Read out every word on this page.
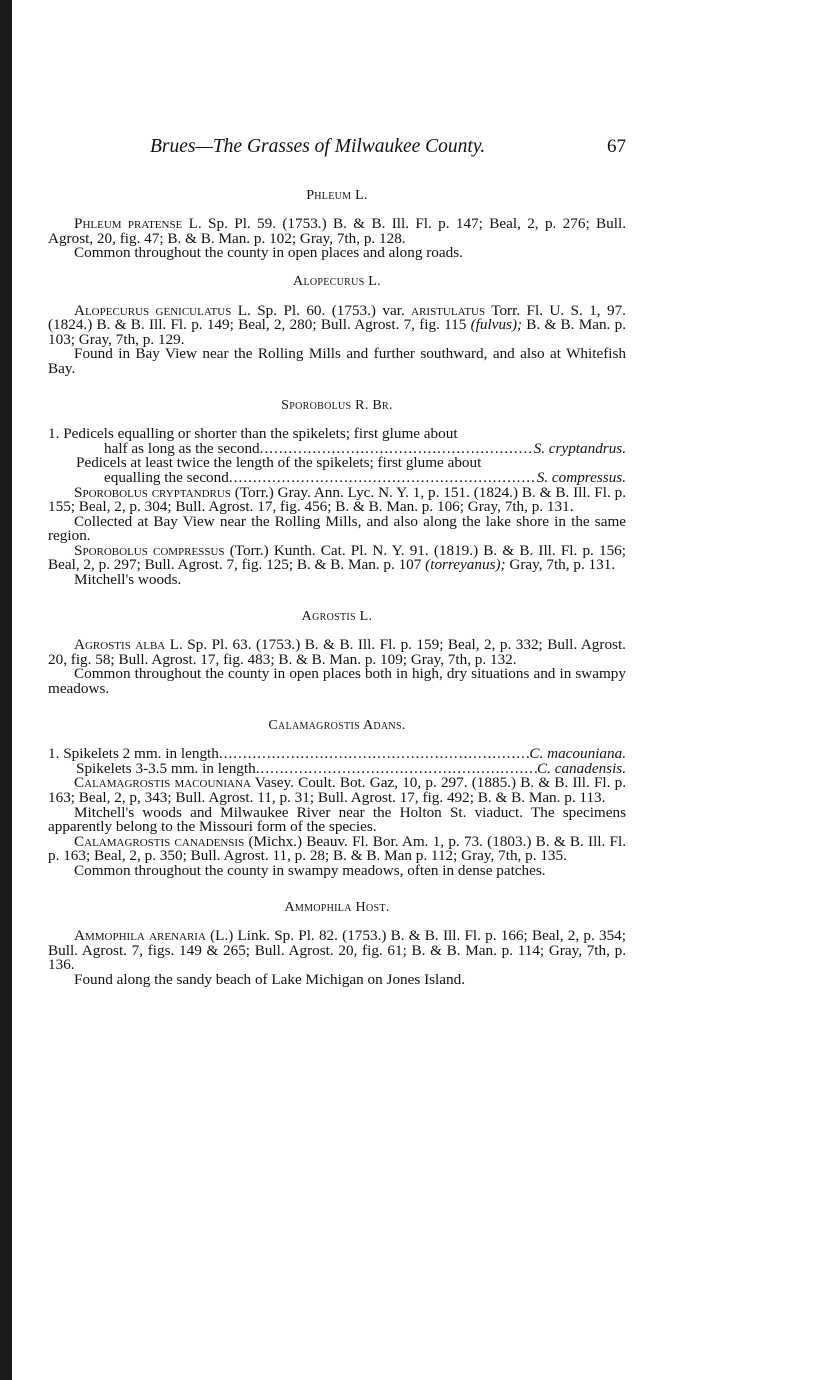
Brues—The Grasses of Milwaukee County.	67
Phleum L.

Phleum pratense L. Sp. Pl. 59. (1753.) B. & B. Ill. Fl. p. 147; Beal, 2, p. 276; Bull. Agrost, 20, fig. 47; B. & B. Man. p. 102; Gray, 7th, p. 128.

Common throughout the county in open places and along roads.

Alopecurus L.

Alopecurus geniculatus L. Sp. Pl. 60. (1753.) var. aristulatus Torr. Fl. U. S. 1, 97. (1824.) B. & B. Ill. Fl. p. 149; Beal, 2, 280; Bull. Agrost. 7, fig. 115 (fulvus); B. & B. Man. p. 103; Gray, 7th, p. 129.

Found in Bay View near the Rolling Mills and further southward, and also at Whitefish Bay.

Sporobolus R. Br.

1. Pedicels equalling or shorter than the spikelets; first glume about

half as long as the second .....	S. cryptandrus.

Pedicels at least twice the length of the spikelets; first glume about

equalling the second .....	S. compressus.

Sporobolus cryptandrus (Torr.) Gray. Ann. Lyc. N. Y. 1, p. 151. (1824.) B. & B. Ill. Fl. p. 155; Beal, 2, p. 304; Bull. Agrost. 17, fig. 456; B. & B. Man. p. 106; Gray, 7th, p. 131.

Collected at Bay View near the Rolling Mills, and also along the lake shore in the same region.

Sporobolus compressus (Torr.) Kunth. Cat. Pl. N. Y. 91. (1819.) B. & B. Ill. Fl. p. 156; Beal, 2, p. 297; Bull. Agrost. 7, fig. 125; B. & B. Man. p. 107 (torreyanus); Gray, 7th, p. 131.

Mitchell's woods.

Agrostis L.

Agrostis alba L. Sp. Pl. 63. (1753.) B. & B. Ill. Fl. p. 159; Beal, 2, p. 332; Bull. Agrost. 20, fig. 58; Bull. Agrost. 17, fig. 483; B. & B. Man. p. 109; Gray, 7th, p. 132.

Common throughout the county in open places both in high, dry situations and in swampy meadows.

Calamagrostis Adans.
1. Spikelets 2 mm. in length .....	C. macouniana.
Spikelets 3-3.5 mm. in length .....	C. canadensis.

Calamagrostis macouniana Vasey. Coult. Bot. Gaz, 10, p. 297. (1885.) B. & B. Ill. Fl. p. 163; Beal, 2, p, 343; Bull. Agrost. 11, p. 31; Bull. Agrost. 17, fig. 492; B. & B. Man. p. 113.

Mitchell's woods and Milwaukee River near the Holton St. viaduct. The specimens apparently belong to the Missouri form of the species.

Calamagrostis canadensis (Michx.) Beauv. Fl. Bor. Am. 1, p. 73. (1803.) B. & B. Ill. Fl. p. 163; Beal, 2, p. 350; Bull. Agrost. 11, p. 28; B. & B. Man p. 112; Gray, 7th, p. 135.

Common throughout the county in swampy meadows, often in dense patches.

Ammophila Host.

Ammophila arenaria (L.) Link. Sp. Pl. 82. (1753.) B. & B. Ill. Fl. p. 166; Beal, 2, p. 354; Bull. Agrost. 7, figs. 149 & 265; Bull. Agrost. 20, fig. 61; B. & B. Man. p. 114; Gray, 7th, p. 136.

Found along the sandy beach of Lake Michigan on Jones Island.
